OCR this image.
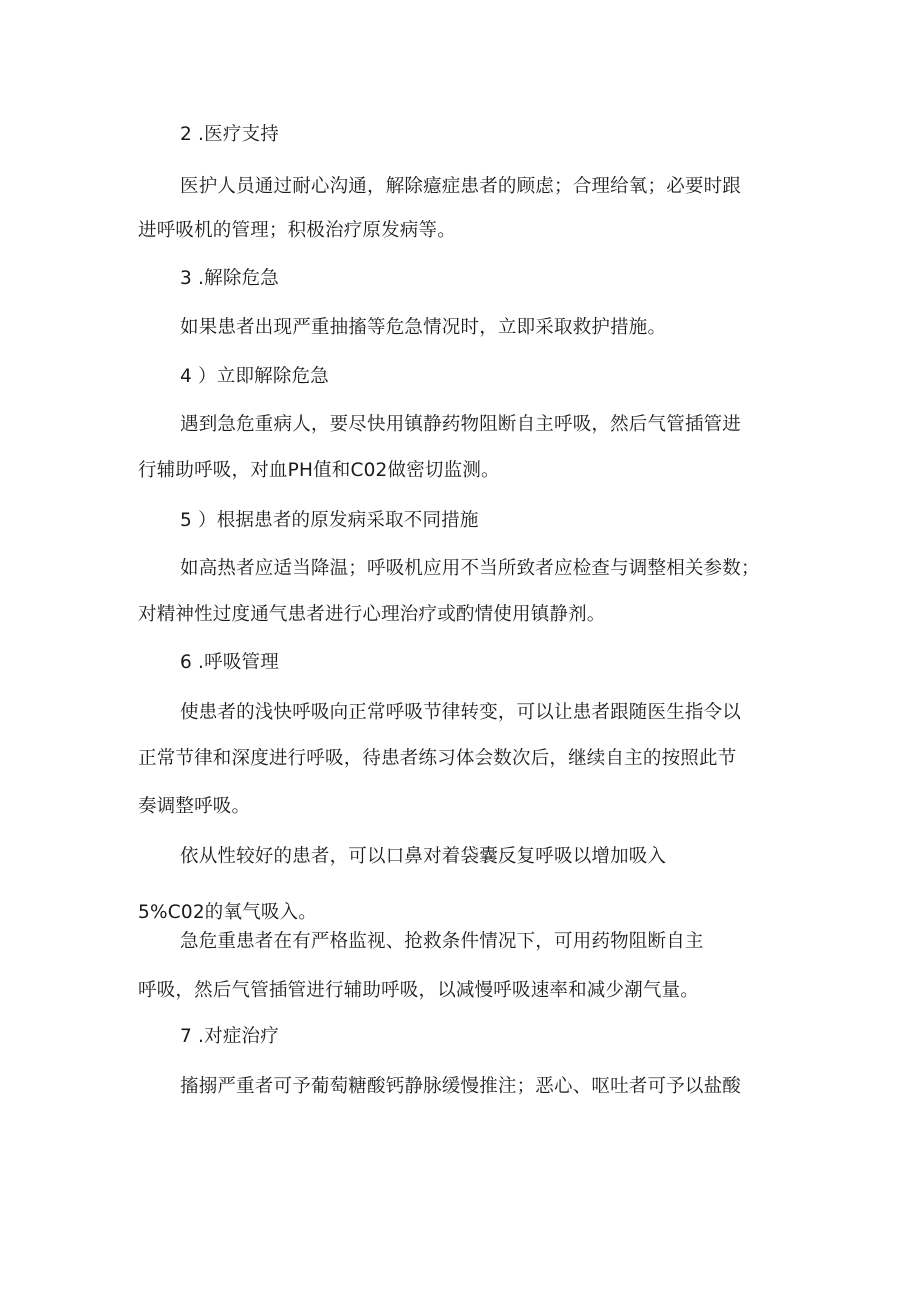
2 .医疗支持

医护人员通过耐心沟通，解除癔症患者的顾虑；合理给氧；必要时跟

进呼吸机的管理；积极治疗原发病等。

3 .解除危急

如果患者出现严重抽搐等危急情况时，立即采取救护措施。

4 ）立即解除危急

遇到急危重病人，要尽快用镇静药物阻断自主呼吸，然后气管插管进

行辅助呼吸，对血PH值和C02做密切监测。

5 ）根据患者的原发病采取不同措施

如高热者应适当降温；呼吸机应用不当所致者应检查与调整相关参数；

对精神性过度通气患者进行心理治疗或酌情使用镇静剂。

6 .呼吸管理

使患者的浅快呼吸向正常呼吸节律转变，可以让患者跟随医生指令以

正常节律和深度进行呼吸，待患者练习体会数次后，继续自主的按照此节

奏调整呼吸。

依从性较好的患者，可以口鼻对着袋囊反复呼吸以增加吸入

5%C02的氧气吸入。

急危重患者在有严格监视、抢救条件情况下，可用药物阻断自主

呼吸，然后气管插管进行辅助呼吸，以减慢呼吸速率和减少潮气量。

7 .对症治疗

搐搦严重者可予葡萄糖酸钙静脉缓慢推注；恶心、呕吐者可予以盐酸
